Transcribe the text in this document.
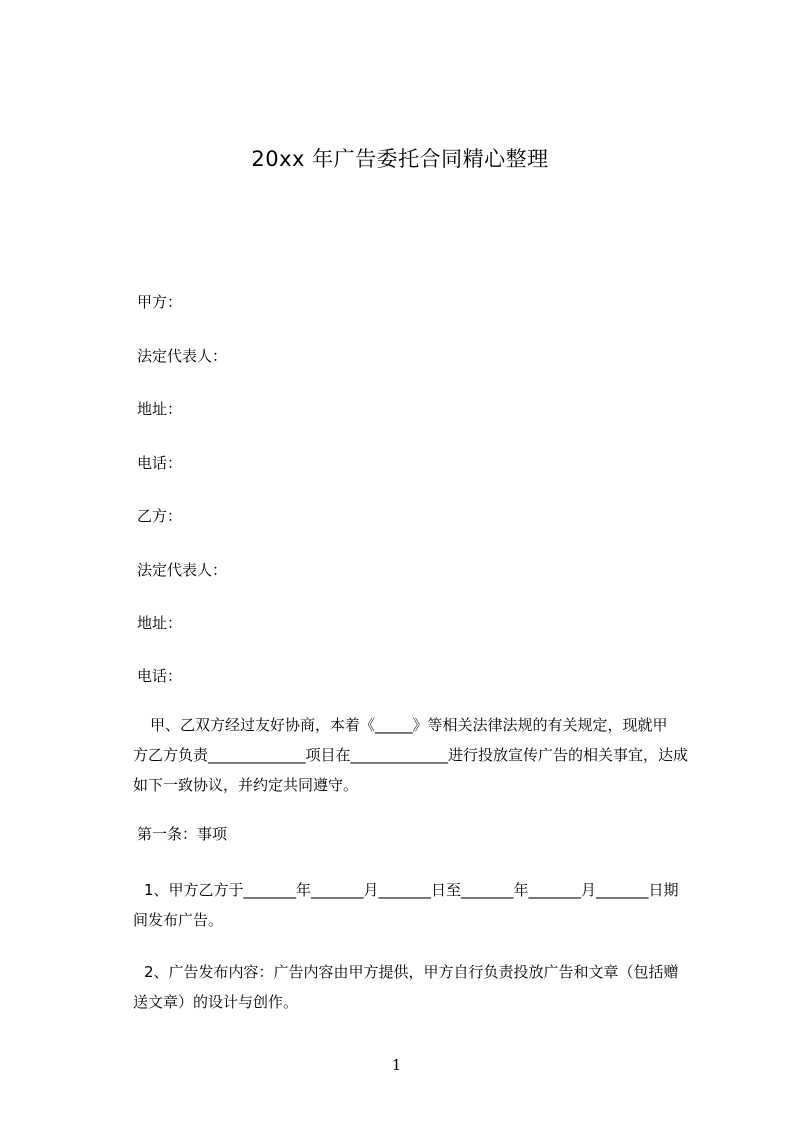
20xx 年广告委托合同精心整理
甲方：
法定代表人：
地址：
电话：
乙方：
法定代表人：
地址：
电话：
甲、乙双方经过友好协商，本着《_____》等相关法律法规的有关规定，现就甲
方乙方负责_____________项目在_____________进行投放宣传广告的相关事宜，达成
如下一致协议，并约定共同遵守。
第一条：事项
1、甲方乙方于_______年_______月_______日至_______年_______月_______日期
间发布广告。
2、广告发布内容：广告内容由甲方提供，甲方自行负责投放广告和文章（包括赠
送文章）的设计与创作。
1
